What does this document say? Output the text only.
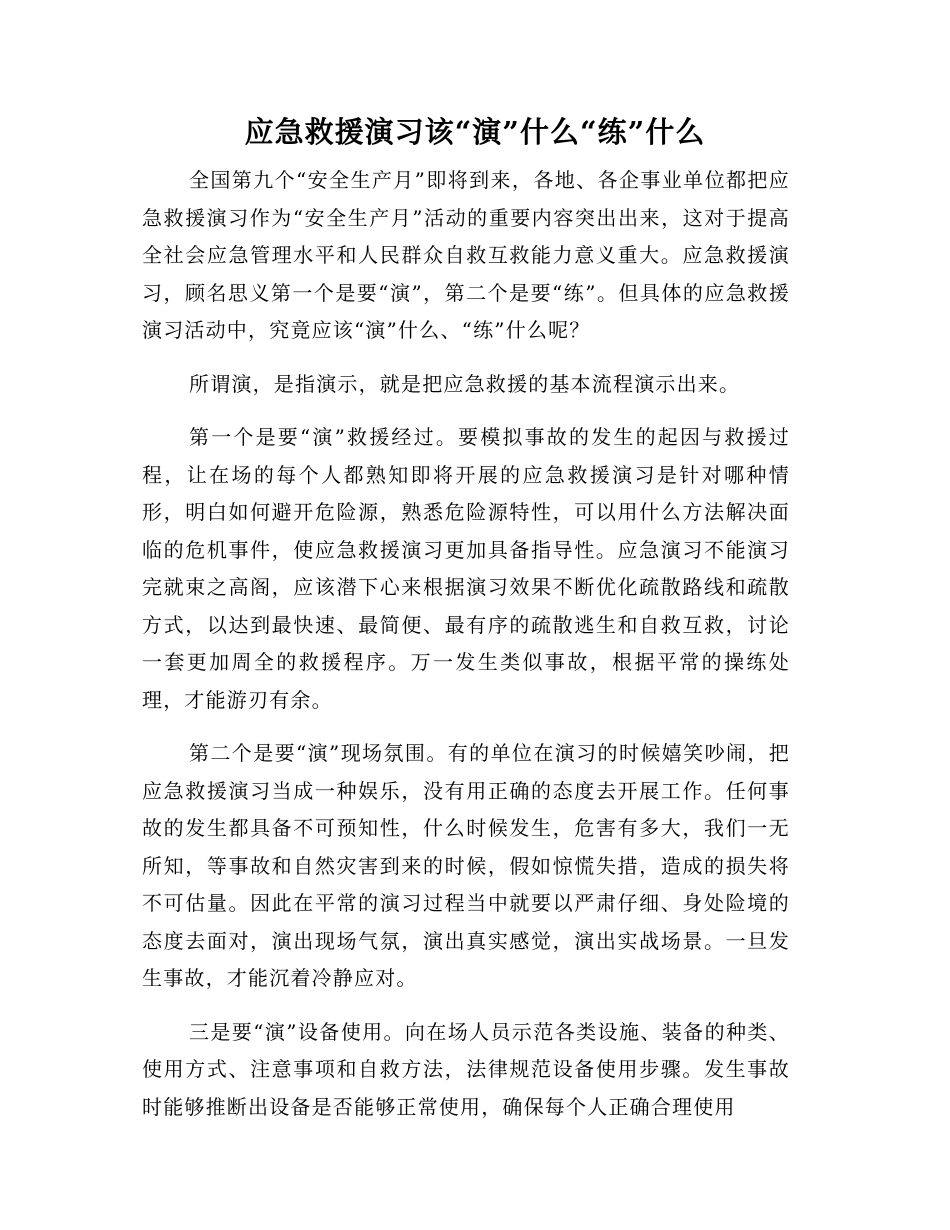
应急救援演习该“演”什么“练”什么

全国第九个“安全生产月”即将到来，各地、各企事业单位都把应急救援演习作为“安全生产月”活动的重要内容突出出来，这对于提高全社会应急管理水平和人民群众自救互救能力意义重大。应急救援演习，顾名思义第一个是要“演”，第二个是要“练”。但具体的应急救援演习活动中，究竟应该“演”什么、“练”什么呢？

所谓演，是指演示，就是把应急救援的基本流程演示出来。

第一个是要“演”救援经过。要模拟事故的发生的起因与救援过程，让在场的每个人都熟知即将开展的应急救援演习是针对哪种情形，明白如何避开危险源，熟悉危险源特性，可以用什么方法解决面临的危机事件，使应急救援演习更加具备指导性。应急演习不能演习完就束之高阁，应该潜下心来根据演习效果不断优化疏散路线和疏散方式，以达到最快速、最简便、最有序的疏散逃生和自救互救，讨论一套更加周全的救援程序。万一发生类似事故，根据平常的操练处理，才能游刃有余。

第二个是要“演”现场氛围。有的单位在演习的时候嬉笑吵闹，把应急救援演习当成一种娱乐，没有用正确的态度去开展工作。任何事故的发生都具备不可预知性，什么时候发生，危害有多大，我们一无所知，等事故和自然灾害到来的时候，假如惊慌失措，造成的损失将不可估量。因此在平常的演习过程当中就要以严肃仔细、身处险境的态度去面对，演出现场气氛，演出真实感觉，演出实战场景。一旦发生事故，才能沉着冷静应对。

三是要“演”设备使用。向在场人员示范各类设施、装备的种类、使用方式、注意事项和自救方法，法律规范设备使用步骤。发生事故时能够推断出设备是否能够正常使用，确保每个人正确合理使用
